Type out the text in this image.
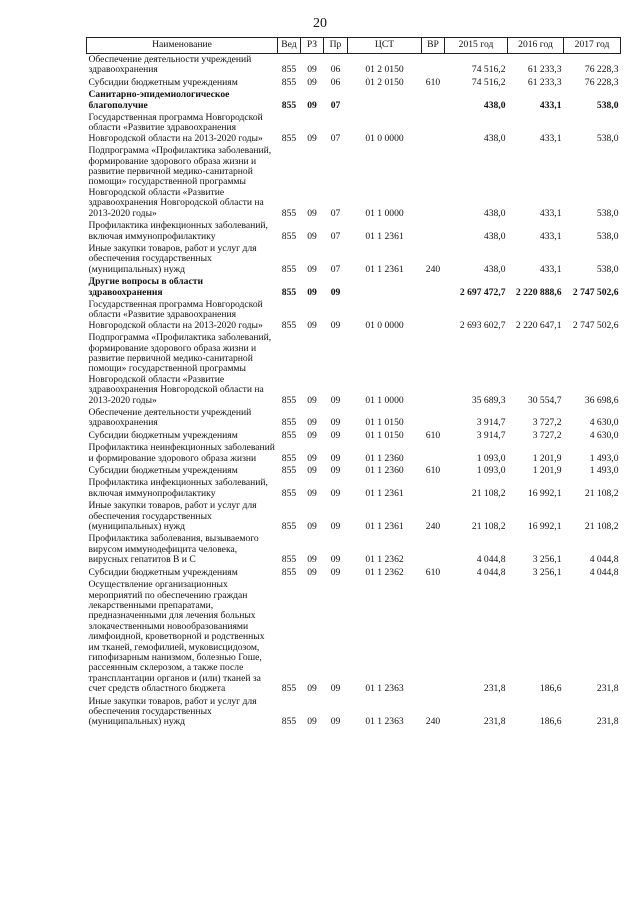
20
Наименование	Вед	РЗ	Пр	ЦСТ	ВР	2015 год	2016 год	2017 год
Обеспечение деятельности учреждений здравоохранения	855	09	06	01 2 0150		74 516,2	61 233,3	76 228,3
Субсидии бюджетным учреждениям	855	09	06	01 2 0150	610	74 516,2	61 233,3	76 228,3
Санитарно-эпидемиологическое благополучие	855	09	07			438,0	433,1	538,0
Государственная программа Новгородской области «Развитие здравоохранения Новгородской области на 2013-2020 годы»	855	09	07	01 0 0000		438,0	433,1	538,0
Подпрограмма «Профилактика заболеваний, формирование здорового образа жизни и развитие первичной медико-санитарной помощи» государственной программы Новгородской области «Развитие здравоохранения Новгородской области на 2013-2020 годы»	855	09	07	01 1 0000		438,0	433,1	538,0
Профилактика инфекционных заболеваний, включая иммунопрофилактику	855	09	07	01 1 2361		438,0	433,1	538,0
Иные закупки товаров, работ и услуг для обеспечения государственных (муниципальных) нужд	855	09	07	01 1 2361	240	438,0	433,1	538,0
Другие вопросы в области здравоохранения	855	09	09			2 697 472,7	2 220 888,6	2 747 502,6
Государственная программа Новгородской области «Развитие здравоохранения Новгородской области на 2013-2020 годы»	855	09	09	01 0 0000		2 693 602,7	2 220 647,1	2 747 502,6
Подпрограмма «Профилактика заболеваний, формирование здорового образа жизни и развитие первичной медико-санитарной помощи» государственной программы Новгородской области «Развитие здравоохранения Новгородской области на 2013-2020 годы»	855	09	09	01 1 0000		35 689,3	30 554,7	36 698,6
Обеспечение деятельности учреждений здравоохранения	855	09	09	01 1 0150		3 914,7	3 727,2	4 630,0
Субсидии бюджетным учреждениям	855	09	09	01 1 0150	610	3 914,7	3 727,2	4 630,0
Профилактика неинфекционных заболеваний и формирование здорового образа жизни	855	09	09	01 1 2360		1 093,0	1 201,9	1 493,0
Субсидии бюджетным учреждениям	855	09	09	01 1 2360	610	1 093,0	1 201,9	1 493,0
Профилактика инфекционных заболеваний, включая иммунопрофилактику	855	09	09	01 1 2361		21 108,2	16 992,1	21 108,2
Иные закупки товаров, работ и услуг для обеспечения государственных (муниципальных) нужд	855	09	09	01 1 2361	240	21 108,2	16 992,1	21 108,2
Профилактика заболевания, вызываемого вирусом иммунодефицита человека, вирусных гепатитов В и С	855	09	09	01 1 2362		4 044,8	3 256,1	4 044,8
Субсидии бюджетным учреждениям	855	09	09	01 1 2362	610	4 044,8	3 256,1	4 044,8
Осуществление организационных мероприятий по обеспечению граждан лекарственными препаратами, предназначенными для лечения больных злокачественными новообразованиями лимфоидной, кроветворной и родственных им тканей, гемофилией, муковисцидозом, гипофизарным нанизмом, болезнью Гоше, рассеянным склерозом, а также после трансплантации органов и (или) тканей за счет средств областного бюджета	855	09	09	01 1 2363		231,8	186,6	231,8
Иные закупки товаров, работ и услуг для обеспечения государственных (муниципальных) нужд	855	09	09	01 1 2363	240	231,8	186,6	231,8
